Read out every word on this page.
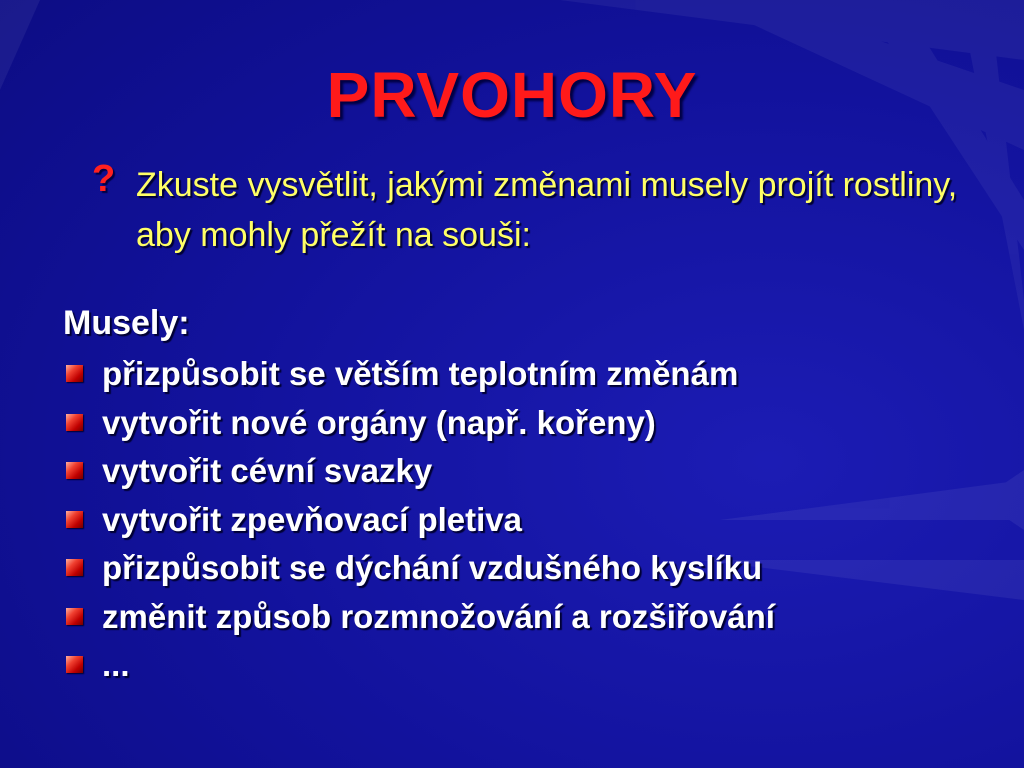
PRVOHORY
? Zkuste vysvětlit, jakými změnami musely projít rostliny, aby mohly přežít na souši:
Musely:
přizpůsobit se větším teplotním změnám
vytvořit nové orgány (např. kořeny)
vytvořit cévní svazky
vytvořit zpevňovací pletiva
přizpůsobit se dýchání vzdušného kyslíku
změnit způsob rozmnožování a rozšiřování
...
